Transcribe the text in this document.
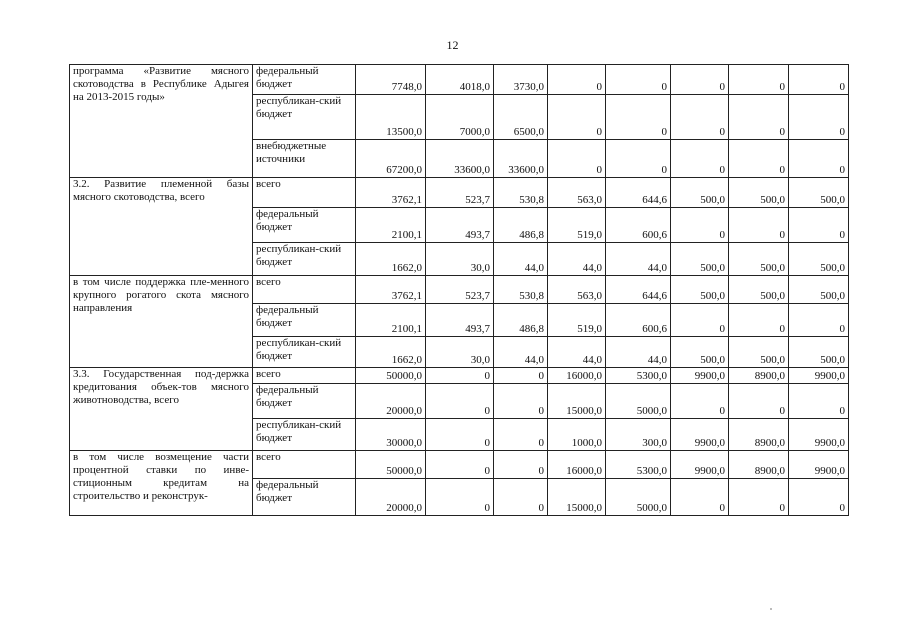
12
программа «Развитие мясного скотоводства в Республике Адыгея на 2013-2015 годы»	федеральный бюджет	7748,0	4018,0	3730,0	0	0	0	0	0
	республикан-ский бюджет	13500,0	7000,0	6500,0	0	0	0	0	0
	внебюджетные источники	67200,0	33600,0	33600,0	0	0	0	0	0
3.2. Развитие племенной базы мясного скотоводства, всего	всего	3762,1	523,7	530,8	563,0	644,6	500,0	500,0	500,0
	федеральный бюджет	2100,1	493,7	486,8	519,0	600,6	0	0	0
	республикан-ский бюджет	1662,0	30,0	44,0	44,0	44,0	500,0	500,0	500,0
в том числе поддержка пле-менного крупного рогатого скота мясного направления	всего	3762,1	523,7	530,8	563,0	644,6	500,0	500,0	500,0
	федеральный бюджет	2100,1	493,7	486,8	519,0	600,6	0	0	0
	республикан-ский бюджет	1662,0	30,0	44,0	44,0	44,0	500,0	500,0	500,0
3.3. Государственная под-держка кредитования объек-тов мясного животноводства, всего	всего	50000,0	0	0	16000,0	5300,0	9900,0	8900,0	9900,0
	федеральный бюджет	20000,0	0	0	15000,0	5000,0	0	0	0
	республикан-ский бюджет	30000,0	0	0	1000,0	300,0	9900,0	8900,0	9900,0
в том числе возмещение части процентной ставки по инве-стиционным кредитам на строительство и реконструк-	всего	50000,0	0	0	16000,0	5300,0	9900,0	8900,0	9900,0
	федеральный бюджет	20000,0	0	0	15000,0	5000,0	0	0	0
